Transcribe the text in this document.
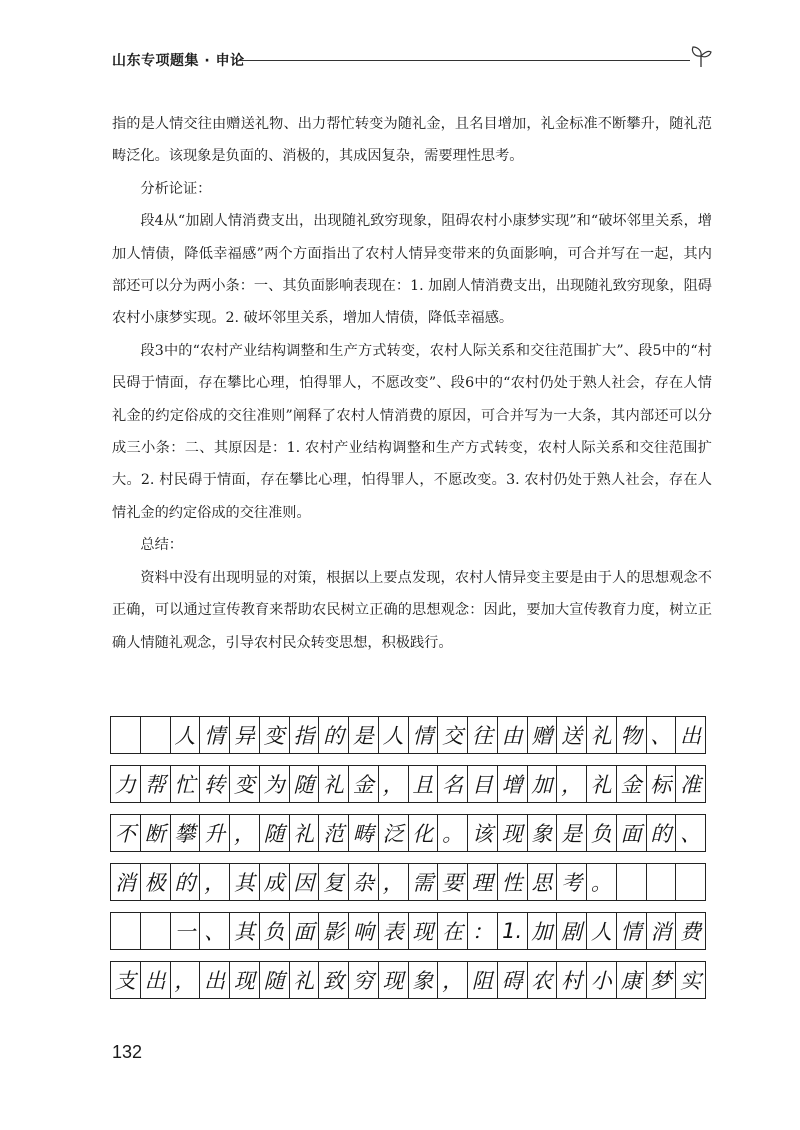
山东专项题集 · 申论

指的是人情交往由赠送礼物、出力帮忙转变为随礼金，且名目增加，礼金标准不断攀升，随礼范畴泛化。该现象是负面的、消极的，其成因复杂，需要理性思考。

分析论证：

段4从“加剧人情消费支出，出现随礼致穷现象，阻碍农村小康梦实现”和“破坏邻里关系，增加人情债，降低幸福感”两个方面指出了农村人情异变带来的负面影响，可合并写在一起，其内部还可以分为两小条：一、其负面影响表现在：1. 加剧人情消费支出，出现随礼致穷现象，阻碍农村小康梦实现。2. 破坏邻里关系，增加人情债，降低幸福感。

段3中的“农村产业结构调整和生产方式转变，农村人际关系和交往范围扩大”、段5中的“村民碍于情面，存在攀比心理，怕得罪人，不愿改变”、段6中的“农村仍处于熟人社会，存在人情礼金的约定俗成的交往准则”阐释了农村人情消费的原因，可合并写为一大条，其内部还可以分成三小条：二、其原因是：1. 农村产业结构调整和生产方式转变，农村人际关系和交往范围扩大。2. 村民碍于情面，存在攀比心理，怕得罪人，不愿改变。3. 农村仍处于熟人社会，存在人情礼金的约定俗成的交往准则。

总结：

资料中没有出现明显的对策，根据以上要点发现，农村人情异变主要是由于人的思想观念不正确，可以通过宣传教育来帮助农民树立正确的思想观念：因此，要加大宣传教育力度，树立正确人情随礼观念，引导农村民众转变思想，积极践行。

人 情 异 变 指 的 是 人 情 交 往 由 赠 送 礼 物 、 出
力 帮 忙 转 变 为 随 礼 金 ， 且 名 目 增 加 ， 礼 金 标 准
不 断 攀 升 ， 随 礼 范 畴 泛 化 。 该 现 象 是 负 面 的 、
消 极 的 ， 其 成 因 复 杂 ， 需 要 理 性 思 考 。
一 、 其 负 面 影 响 表 现 在 ： 1. 加 剧 人 情 消 费
支 出 ， 出 现 随 礼 致 穷 现 象 ， 阻 碍 农 村 小 康 梦 实
132
